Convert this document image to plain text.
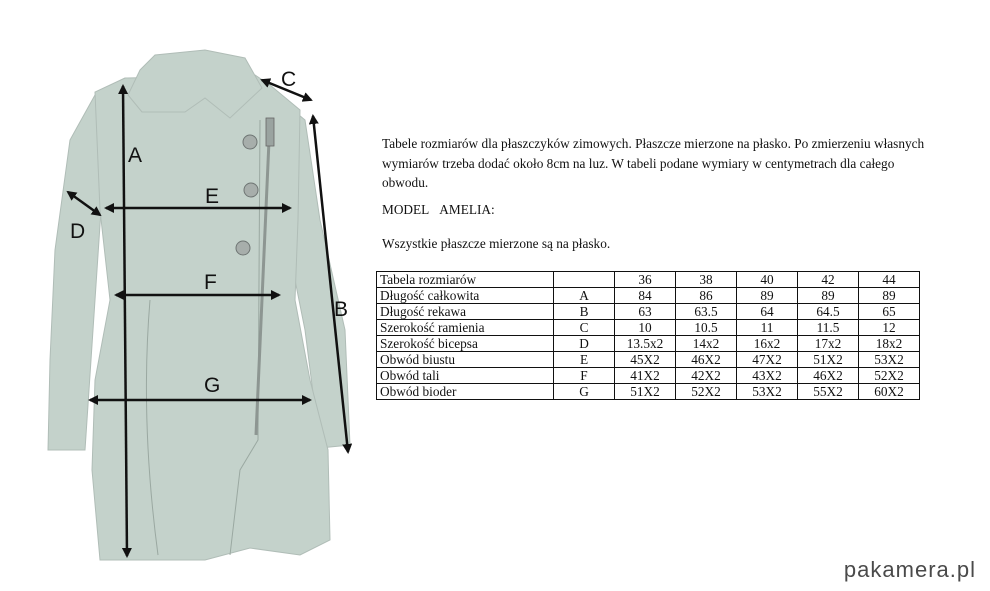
A
B
C
D
E
F
G

Tabele rozmiarów dla płaszczyków zimowych. Płaszcze mierzone na płasko. Po zmierzeniu własnych wymiarów trzeba dodać około 8cm na luz. W tabeli podane wymiary w centymetrach dla całego obwodu.

MODEL AMELIA:

Wszystkie płaszcze mierzone są na płasko.

Tabela rozmiarów		36	38	40	42	44
Długość całkowita	A	84	86	89	89	89
Długość rekawa	B	63	63.5	64	64.5	65
Szerokość ramienia	C	10	10.5	11	11.5	12
Szerokość bicepsa	D	13.5x2	14x2	16x2	17x2	18x2
Obwód biustu	E	45X2	46X2	47X2	51X2	53X2
Obwód tali	F	41X2	42X2	43X2	46X2	52X2
Obwód bioder	G	51X2	52X2	53X2	55X2	60X2
pakamera.pl
